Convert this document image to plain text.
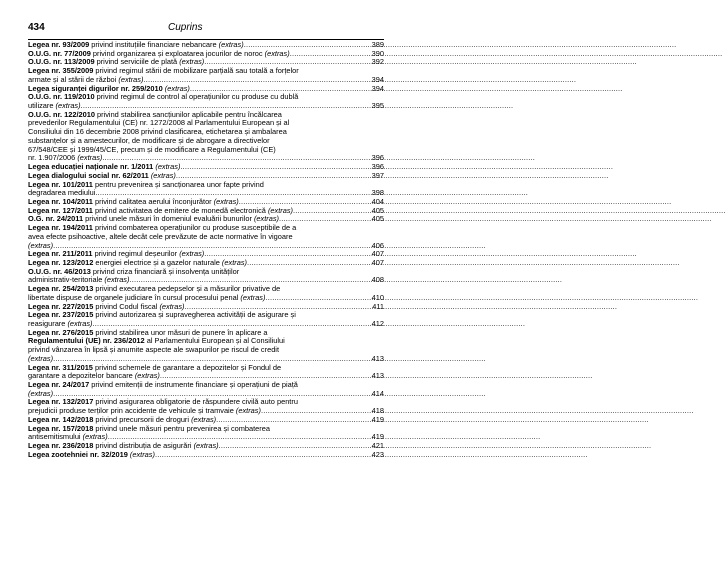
434	Cuprins
Legea nr. 93/2009 privind instituțiile financiare nebancare (extras) .....	389
O.U.G. nr. 77/2009 privind organizarea și exploatarea jocurilor de noroc (extras) .....	390
O.U.G. nr. 113/2009 privind serviciile de plată (extras) .....	392
Legea nr. 355/2009 privind regimul stării de mobilizare parțială sau totală a forțelor
armate și al stării de război (extras) .....	394
Legea siguranței digurilor nr. 259/2010 (extras) .....	394
O.U.G. nr. 119/2010 privind regimul de control al operațiunilor cu produse cu dublă
utilizare (extras) .....	395
O.U.G. nr. 122/2010 privind stabilirea sancțiunilor aplicabile pentru încălcarea
prevederilor Regulamentului (CE) nr. 1272/2008 al Parlamentului European și al
Consiliului din 16 decembrie 2008 privind clasificarea, etichetarea și ambalarea
substanțelor și a amestecurilor, de modificare și de abrogare a directivelor
67/548/CEE și 1999/45/CE, precum și de modificare a Regulamentului (CE)
nr. 1.907/2006 (extras) .....	396
Legea educației naționale nr. 1/2011 (extras) .....	396
Legea dialogului social nr. 62/2011 (extras) .....	397
Legea nr. 101/2011 pentru prevenirea și sancționarea unor fapte privind
degradarea mediului .....	398
Legea nr. 104/2011 privind calitatea aerului înconjurător (extras) .....	404
Legea nr. 127/2011 privind activitatea de emitere de monedă electronică (extras) .....	405
O.G. nr. 24/2011 privind unele măsuri în domeniul evaluării bunurilor (extras) .....	405
Legea nr. 194/2011 privind combaterea operațiunilor cu produse susceptibile de a
avea efecte psihoactive, altele decât cele prevăzute de acte normative în vigoare
(extras) .....	406
Legea nr. 211/2011 privind regimul deșeurilor (extras) .....	407
Legea nr. 123/2012 energiei electrice și a gazelor naturale (extras) .....	407
O.U.G. nr. 46/2013 privind criza financiară și insolvența unităților
administrativ-teritoriale (extras) .....	408
Legea nr. 254/2013 privind executarea pedepselor și a măsurilor privative de
libertate dispuse de organele judiciare în cursul procesului penal (extras) .....	410
Legea nr. 227/2015 privind Codul fiscal (extras) .....	411
Legea nr. 237/2015 privind autorizarea și supravegherea activității de asigurare și
reasigurare (extras) .....	412
Legea nr. 276/2015 privind stabilirea unor măsuri de punere în aplicare a
Regulamentului (UE) nr. 236/2012 al Parlamentului European și al Consiliului
privind vânzarea în lipsă și anumite aspecte ale swapurilor pe riscul de credit
(extras) .....	413
Legea nr. 311/2015 privind schemele de garantare a depozitelor și Fondul de
garantare a depozitelor bancare (extras) .....	413
Legea nr. 24/2017 privind emitenții de instrumente financiare și operațiuni de piață
(extras) .....	414
Legea nr. 132/2017 privind asigurarea obligatorie de răspundere civilă auto pentru
prejudicii produse terților prin accidente de vehicule și tramvaie (extras) .....	418
Legea nr. 142/2018 privind precursorii de droguri (extras) .....	419
Legea nr. 157/2018 privind unele măsuri pentru prevenirea și combaterea
antisemitismului (extras) .....	419
Legea nr. 236/2018 privind distribuția de asigurări (extras) .....	421
Legea zootehniei nr. 32/2019 (extras) .....	423
